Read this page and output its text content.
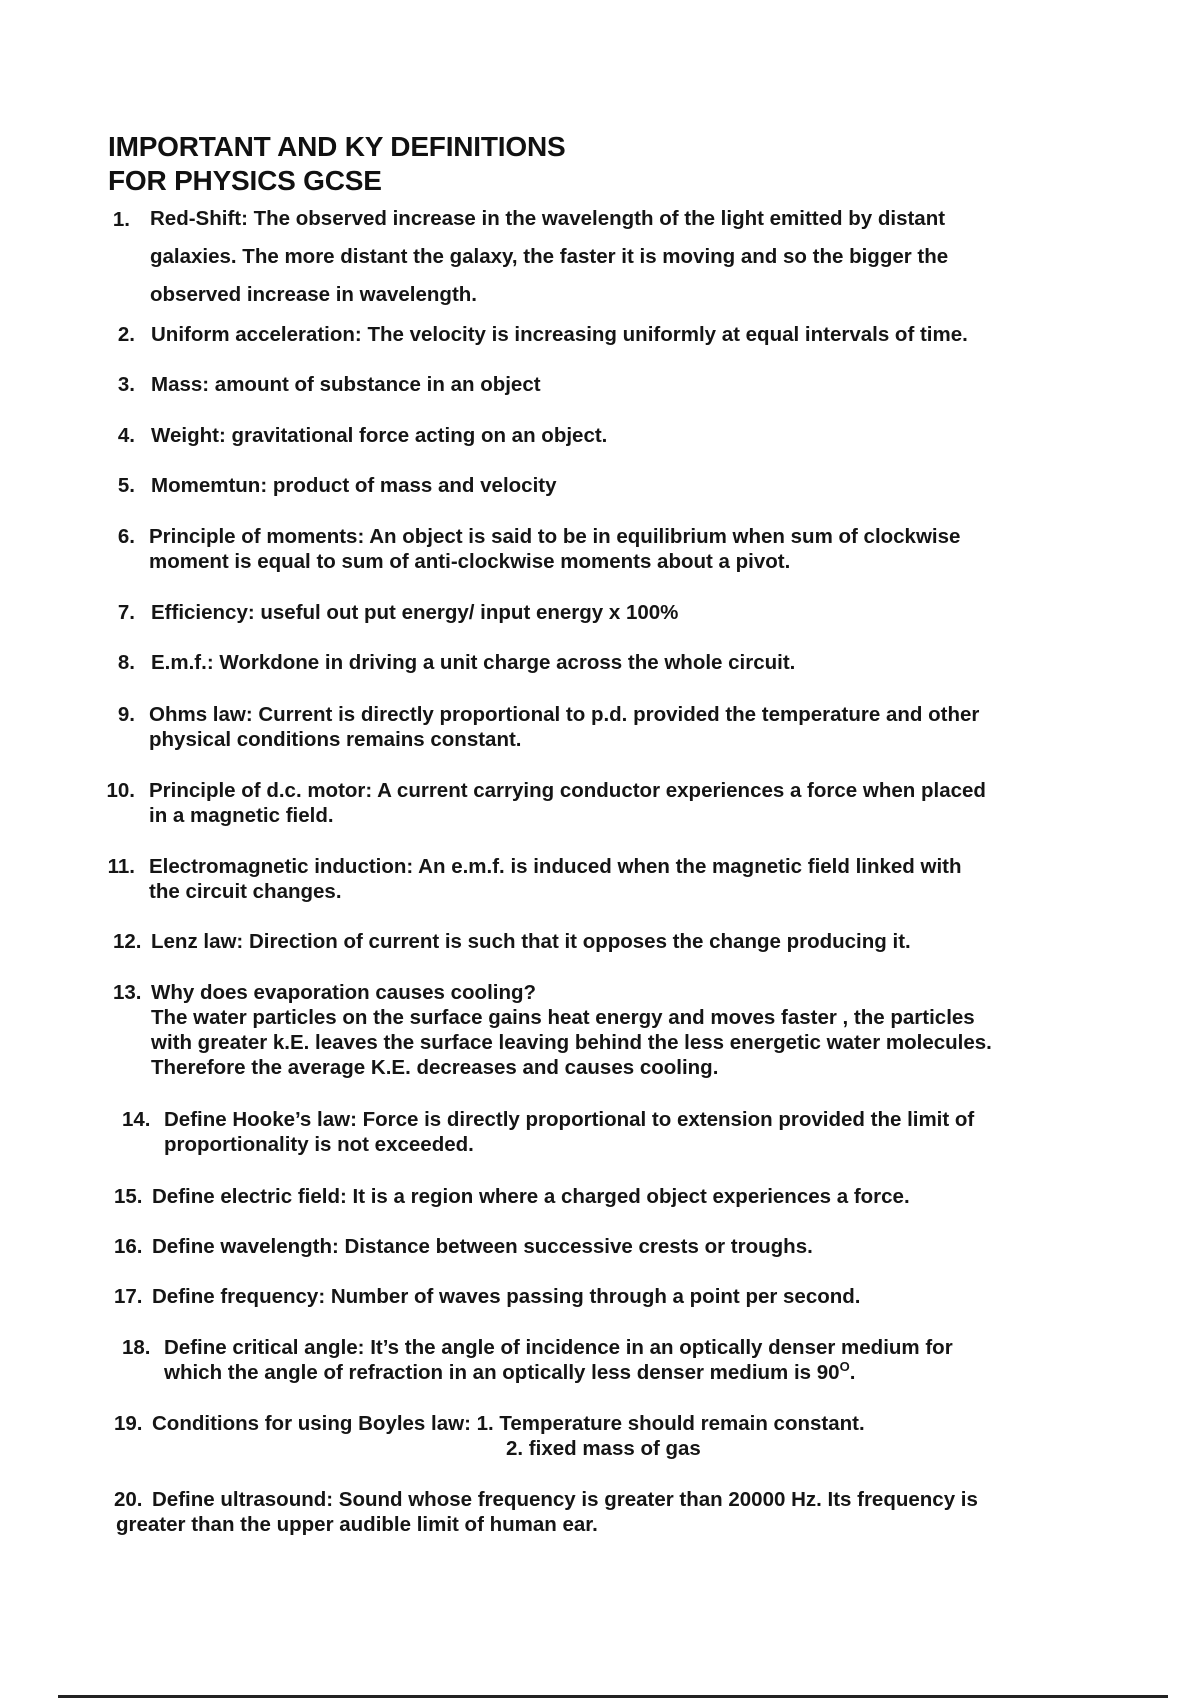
IMPORTANT AND KY DEFINITIONS
FOR PHYSICS GCSE
1. Red-Shift: The observed increase in the wavelength of the light emitted by distant
galaxies. The more distant the galaxy, the faster it is moving and so the bigger the
observed increase in wavelength.
2. Uniform acceleration: The velocity is increasing uniformly at equal intervals of time.
3. Mass: amount of substance in an object
4. Weight: gravitational force acting on an object.
5. Momemtun: product of mass and velocity
6. Principle of moments: An object is said to be in equilibrium when sum of clockwise
moment is equal to sum of anti-clockwise moments about a pivot.
7. Efficiency: useful out put energy/ input energy x 100%
8. E.m.f.: Workdone in driving a unit charge across the whole circuit.
9. Ohms law: Current is directly proportional to p.d. provided the temperature and other
physical conditions remains constant.
10. Principle of d.c. motor: A current carrying conductor experiences a force when placed
in a magnetic field.
11. Electromagnetic induction: An e.m.f. is induced when the magnetic field linked with
the circuit changes.
12. Lenz law: Direction of current is such that it opposes the change producing it.
13. Why does evaporation causes cooling?
The water particles on the surface gains heat energy and moves faster , the particles
with greater k.E. leaves the surface leaving behind the less energetic water molecules.
Therefore the average K.E. decreases and causes cooling.
14. Define Hooke’s law: Force is directly proportional to extension provided the limit of
proportionality is not exceeded.
15. Define electric field: It is a region where a charged object experiences a force.
16. Define wavelength: Distance between successive crests or troughs.
17. Define frequency: Number of waves passing through a point per second.
18. Define critical angle: It’s the angle of incidence in an optically denser medium for
which the angle of refraction in an optically less denser medium is $90^O$.
19. Conditions for using Boyles law: 1. Temperature should remain constant.
2. fixed mass of gas
20. Define ultrasound: Sound whose frequency is greater than 20000 Hz. Its frequency is
greater than the upper audible limit of human ear.
